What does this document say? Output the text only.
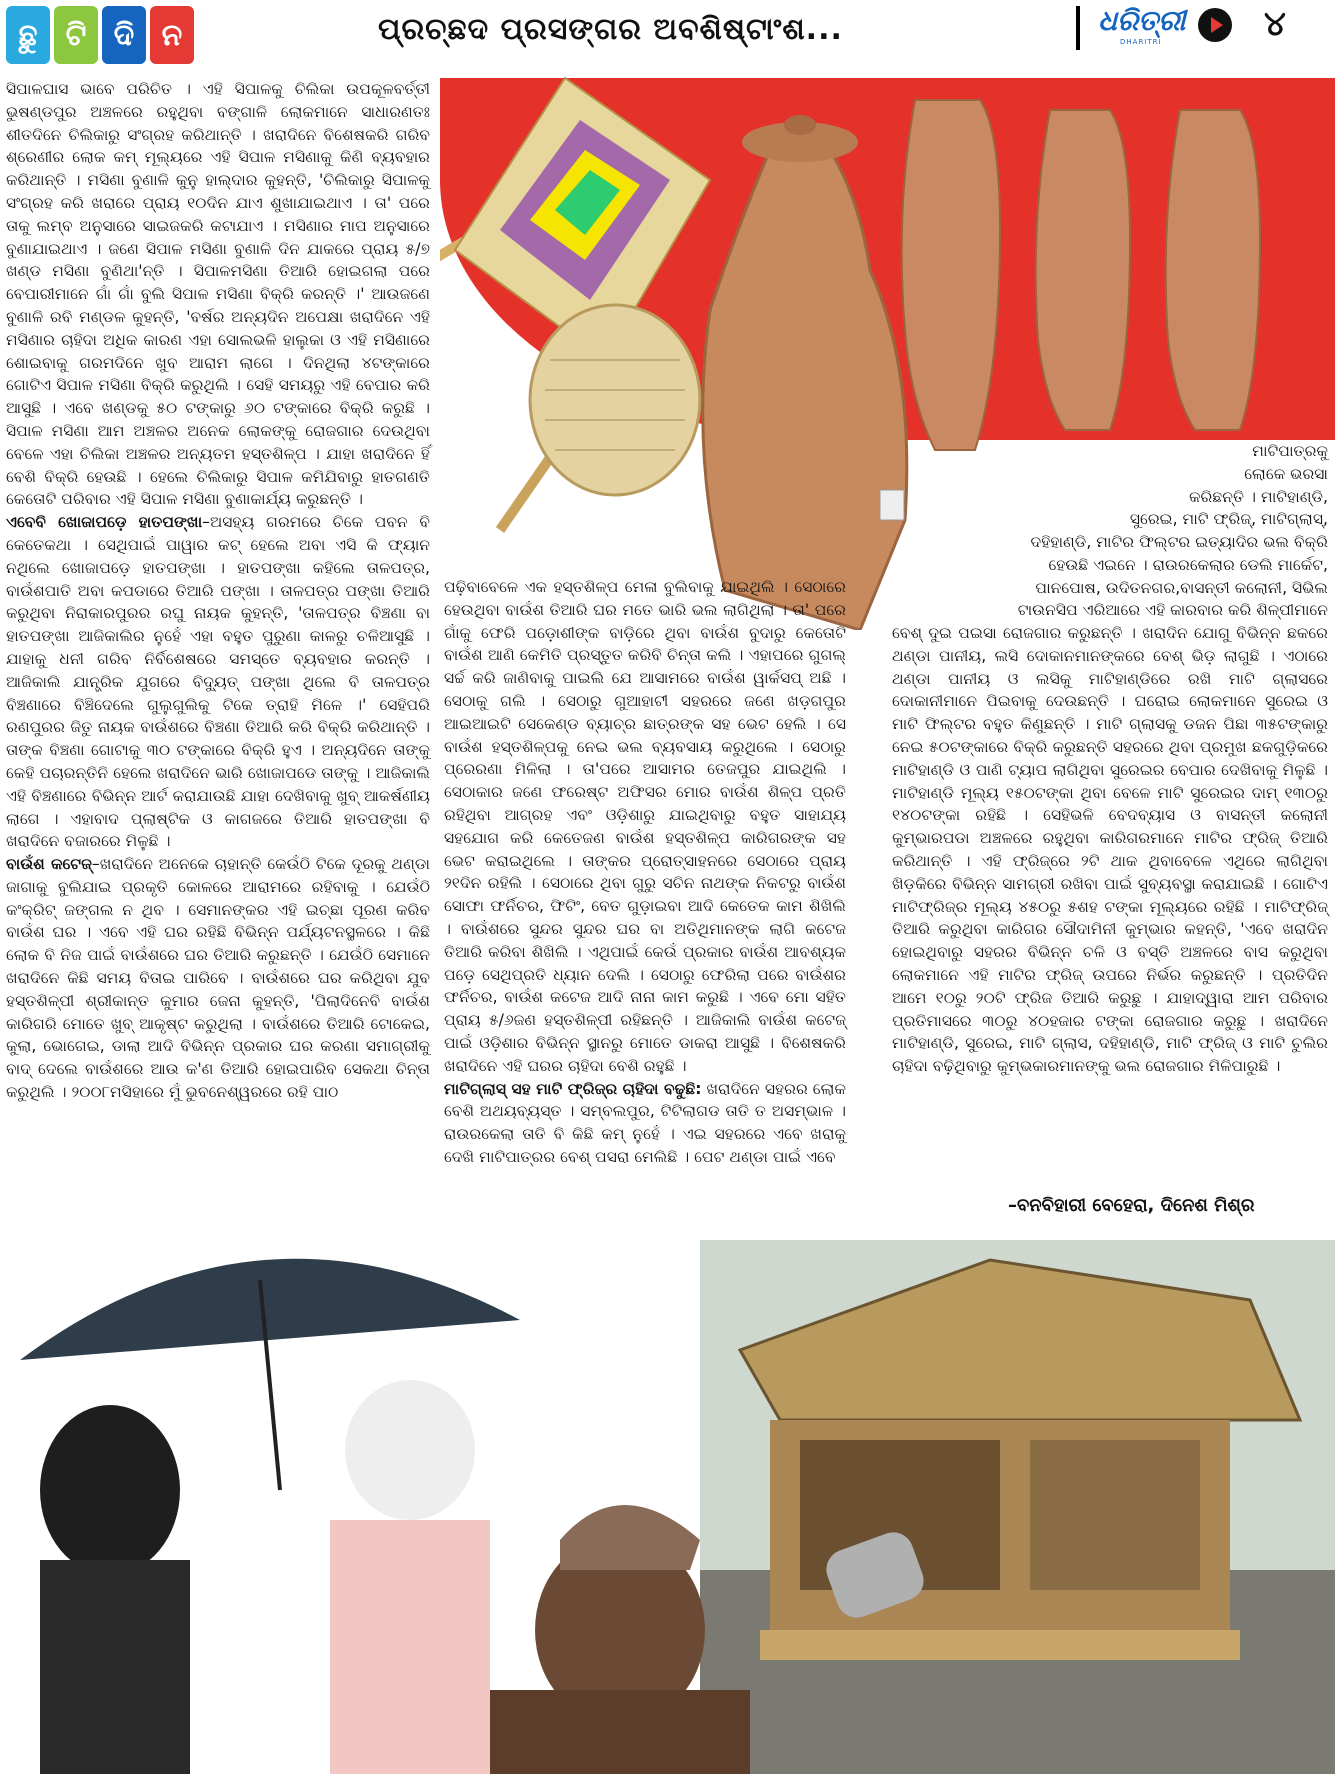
ଛୁ ଟି ଦି ନ	ପ୍ରଚ୍ଛଦ ପ୍ରସଙ୍ଗର ଅବଶିଷ୍ଟାଂଶ...	ଧରିତ୍ରୀ
DHARITRI	୪

ସିପାଳଘାସ ଭାବେ ପରିଚିତ । ଏହି ସିପାଳକୁ ଚିଲିକା ଉପକୂଳବର୍ତ୍ତୀ ଭୁଷଣ୍ଡପୁର ଅଞ୍ଚଳରେ ରହୁଥିବା ବଙ୍ଗାଳି ଲୋକମାନେ ସାଧାରଣତଃ ଶୀତଦିନେ ଚିଲିକାରୁ ସଂଗ୍ରହ କରିଥାନ୍ତି । ଖରାଦିନେ ବିଶେଷକରି ଗରିବ ଶ୍ରେଣୀର ଲୋକ କମ୍ ମୂଲ୍ୟରେ ଏହି ସିପାଳ ମସିଣାକୁ କିଣି ବ୍ୟବହାର କରିଥାନ୍ତି । ମସିଣା ବୁଣାଳି କୁନୁ ହାଲ୍ଦାର କୁହନ୍ତି, 'ଚିଲିକାରୁ ସିପାଳକୁ ସଂଗ୍ରହ କରି ଖରାରେ ପ୍ରାୟ ୧୦ଦିନ ଯାଏ ଶୁଖାଯାଇଥାଏ । ତା' ପରେ ତାକୁ ଲମ୍ବ ଅନୁସାରେ ସାଇଜକରି କଟାଯାଏ । ମସିଣାର ମାପ ଅନୁସାରେ ବୁଣାଯାଇଥାଏ । ଜଣେ ସିପାଳ ମସିଣା ବୁଣାଳି ଦିନ ଯାକରେ ପ୍ରାୟ ୫/୭ ଖଣ୍ଡ ମସିଣା ବୁଣିଥା'ନ୍ତି । ସିପାଳମସିଣା ତିଆରି ହୋଇଗଲା ପରେ ବେପାରୀମାନେ ଗାଁ ଗାଁ ବୁଲି ସିପାଳ ମସିଣା ବିକ୍ରି କରନ୍ତି ।' ଆଉଜଣେ ବୁଣାଳି ରବି ମଣ୍ଡଳ କୁହନ୍ତି, 'ବର୍ଷର ଅନ୍ୟଦିନ ଅପେକ୍ଷା ଖରାଦିନେ ଏହି ମସିଣାର ଚାହିଦା ଅଧିକ କାରଣ ଏହା ସୋଲଭଳି ହାଲୁକା ଓ ଏହି ମସିଣାରେ ଶୋଇବାକୁ ଗରମଦିନେ ଖୁବ ଆରାମ ଲାଗେ । ଦିନଥିଲା ୪ଟଙ୍କାରେ ଗୋଟିଏ ସିପାଳ ମସିଣା ବିକ୍ରି କରୁଥିଲି । ସେହି ସମୟରୁ ଏହି ବେପାର କରି ଆସୁଛି । ଏବେ ଖଣ୍ଡକୁ ୫୦ ଟଙ୍କାରୁ ୬୦ ଟଙ୍କାରେ ବିକ୍ରି କରୁଛି । ସିପାଳ ମସିଣା ଆମ ଅଞ୍ଚଳର ଅନେକ ଲୋକଙ୍କୁ ରୋଜଗାର ଦେଉଥିବା ବେଳେ ଏହା ଚିଲିକା ଅଞ୍ଚଳର ଅନ୍ୟତମ ହସ୍ତଶିଳ୍ପ । ଯାହା ଖରାଦିନେ ହିଁ ବେଶି ବିକ୍ରି ହେଉଛି । ହେଲେ ଚିଲିକାରୁ ସିପାଳ କମିଯିବାରୁ ହାତଗଣତି କେତୋଟି ପରିବାର ଏହି ସିପାଳ ମସିଣା ବୁଣାକାର୍ଯ୍ୟ କରୁଛନ୍ତି ।

ଏବେବି ଖୋଜାପଡ଼େ ହାତପଙ୍ଖା–ଅସହ୍ୟ ଗରମରେ ଚିକେ ପବନ ବି କେତେକଥା । ସେଥିପାଇଁ ପାୱାର କଟ୍ ହେଲେ ଅବା ଏସି କି ଫ୍ୟାନ ନଥିଲେ ଖୋଜାପଡ଼େ ହାତପଙ୍ଖା । ହାତପଙ୍ଖା କହିଲେ ତାଳପତ୍ର, ବାଉଁଶପାତି ଅବା କପଡାରେ ତିଆରି ପଙ୍ଖା । ତାଳପତ୍ର ପଙ୍ଖା ତିଆରି କରୁଥିବା ନିରାକାରପୁରର ରଘୁ ନାୟକ କୁହନ୍ତି, 'ତାଳପତ୍ର ବିଞ୍ଚଣା ବା ହାତପଙ୍ଖା ଆଜିକାଲିର ନୁହେଁ ଏହା ବହୁତ ପୁରୁଣା କାଳରୁ ଚଳିଆସୁଛି । ଯାହାକୁ ଧନୀ ଗରିବ ନିର୍ବିଶେଷରେ ସମସ୍ତେ ବ୍ୟବହାର କରନ୍ତି । ଆଜିକାଲି ଯାନ୍ତ୍ରିକ ଯୁଗରେ ବିଦ୍ୟୁତ୍ ପଙ୍ଖା ଥିଲେ ବି ତାଳପତ୍ର ବିଞ୍ଚଣାରେ ବିଞ୍ଚିଦେଲେ ଗୁଲୁଗୁଲିକୁ ଟିକେ ତ୍ରାହି ମିଳେ ।' ସେହିପରି ରଣପୁରର ଜିତୁ ନାୟକ ବାଉଁଶରେ ବିଞ୍ଚଣା ତିଆରି କରି ବିକ୍ରି କରିଥାନ୍ତି । ତାଙ୍କ ବିଞ୍ଚଣା ଗୋଟାକୁ ୩୦ ଟଙ୍କାରେ ବିକ୍ରି ହୁଏ । ଅନ୍ୟଦିନେ ତାଙ୍କୁ କେହି ପଚାରନ୍ତିନି ହେଲେ ଖରାଦିନେ ଭାରି ଖୋଜାପଡେ ତାଙ୍କୁ । ଆଜିକାଲି ଏହି ବିଞ୍ଚଣାରେ ବିଭିନ୍ନ ଆର୍ଟ କରାଯାଉଛି ଯାହା ଦେଖିବାକୁ ଖୁବ୍ ଆକର୍ଷଣୀୟ ଲାଗେ । ଏହାବାଦ ପ୍ଲାଷ୍ଟିକ ଓ କାଗଜରେ ତିଆରି ହାତପଙ୍ଖା ବି ଖରାଦିନେ ବଜାରରେ ମିଳୁଛି ।

ବାଉଁଶ କଟେଜ୍–ଖରାଦିନେ ଅନେକେ ଚାହାନ୍ତି କେଉଁଠି ଟିକେ ଦୂରକୁ ଥଣ୍ଡା ଜାଗାକୁ ବୁଲିଯାଇ ପ୍ରକୃତି କୋଳରେ ଆରାମରେ ରହିବାକୁ । ଯେଉଁଠି କଂକ୍ରିଟ୍ ଜଙ୍ଗଲ ନ ଥିବ । ସେମାନଙ୍କର ଏହି ଇଚ୍ଛା ପୂରଣ କରିବ ବାଉଁଶ ଘର । ଏବେ ଏହି ଘର ରହିଛି ବିଭିନ୍ନ ପର୍ଯ୍ୟଟନସ୍ଥଳରେ । କିଛି ଲୋକ ବି ନିଜ ପାଇଁ ବାଉଁଶରେ ଘର ତିଆରି କରୁଛନ୍ତି । ଯେଉଁଠି ସେମାନେ ଖରାଦିନେ କିଛି ସମୟ ବିତାଇ ପାରିବେ । ବାଉଁଶରେ ଘର କରିଥିବା ଯୁବ ହସ୍ତଶିଳ୍ପୀ ଶ୍ରୀକାନ୍ତ କୁମାର ଜେନା କୁହନ୍ତି, 'ପିଲାଦିନେବି ବାଉଁଶ କାରିଗରି ମୋତେ ଖୁବ୍ ଆକୃଷ୍ଟ କରୁଥିଲା । ବାଉଁଶରେ ତିଆରି ଟୋକେଇ, କୁଲା, ଭୋଗେଇ, ଡାଲା ଆଦି ବିଭିନ୍ନ ପ୍ରକାର ଘର କରଣା ସମାଗ୍ରୀକୁ ବାଦ୍ ଦେଲେ ବାଉଁଶରେ ଆଉ କ'ଣ ତିଆରି ହୋଇପାରିବ ସେକଥା ଚିନ୍ତା କରୁଥିଲି । ୨୦୦୮ମସିହାରେ ମୁଁ ଭୁବନେଶ୍ୱରରେ ରହି ପାଠ

ପଢ଼ିବାବେଳେ ଏକ ହସ୍ତଶିଳ୍ପ ମେଳା ବୁଲିବାକୁ ଯାଇଥିଲି । ସେଠାରେ ହେଉଥିବା ବାଉଁଶ ତିଆରି ଘର ମତେ ଭାରି ଭଲ ଲାଗିଥିଲା । ତା' ପରେ ଗାଁକୁ ଫେରି ପଡ଼ୋଶୀଙ୍କ ବାଡ଼ିରେ ଥିବା ବାଉଁଶ ବୁଦାରୁ କେତୋଟି ବାଉଁଶ ଆଣି କେମିତି ପ୍ରସ୍ତୁତ କରିବି ଚିନ୍ତା କଲି । ଏହାପରେ ଗୁଗଲ୍ ସର୍ଚ୍ଚ କରି ଜାଣିବାକୁ ପାଇଲି ଯେ ଆସାମରେ ବାଉଁଶ ୱାର୍କସପ୍ ଅଛି । ସେଠାକୁ ଗଲି । ସେଠାରୁ ଗୁଆହାଟୀ ସହରରେ ଜଣେ ଖଡ଼ଗପୁର ଆଇଆଇଟି ସେକେଣ୍ଡ ବ୍ୟାଚ୍‌ର ଛାତ୍ରଙ୍କ ସହ ଭେଟ ହେଲି । ସେ ବାଉଁଶ ହସ୍ତଶିଳ୍ପକୁ ନେଇ ଭଲ ବ୍ୟବସାୟ କରୁଥିଲେ । ସେଠାରୁ ପ୍ରେରଣା ମିଳିଲା । ତା'ପରେ ଆସାମର ତେଜପୁର ଯାଇଥିଲି । ସେଠାକାର ଜଣେ ଫରେଷ୍ଟ ଅଫିସର ମୋର ବାଉଁଶ ଶିଳ୍ପ ପ୍ରତି ରହିଥିବା ଆଗ୍ରହ ଏବଂ ଓଡ଼ିଶାରୁ ଯାଇଥିବାରୁ ବହୁତ ସାହାଯ୍ୟ ସହଯୋଗ କରି କେତେଜଣ ବାଉଁଶ ହସ୍ତଶିଳ୍ପ କାରିଗରଙ୍କ ସହ ଭେଟ କରାଇଥିଲେ । ତାଙ୍କର ପ୍ରୋତ୍ସାହନରେ ସେଠାରେ ପ୍ରାୟ ୨୧ଦିନ ରହିଲି । ସେଠାରେ ଥିବା ଗୁରୁ ସଚିନ ନାଥଙ୍କ ନିକଟରୁ ବାଉଁଶ ସୋଫା ଫର୍ନିଚର, ଫିଟିଂ, ବେତ ଗୁଡ଼ାଇବା ଆଦି କେତେକ କାମ ଶିଖିଲି । ବାଉଁଶରେ ସୁନ୍ଦର ସୁନ୍ଦର ଘର ବା ଅତିଥିମାନଙ୍କ ଲାଗି କଟେଜ ତିଆରି କରିବା ଶିଖିଲି । ଏଥିପାଇଁ କେଉଁ ପ୍ରକାର ବାଉଁଶ ଆବଶ୍ୟକ ପଡ଼େ ସେଥିପ୍ରତି ଧ୍ୟାନ ଦେଲି । ସେଠାରୁ ଫେରିଲା ପରେ ବାଉଁଶର ଫର୍ନିଚର, ବାଉଁଶ କଟେଜ ଆଦି ନାନା କାମ କରୁଛି । ଏବେ ମୋ ସହିତ ପ୍ରାୟ ୫/୬ଜଣ ହସ୍ତଶିଳ୍ପୀ ରହିଛନ୍ତି । ଆଜିକାଲି ବାଉଁଶ କଟେଜ୍ ପାଇଁ ଓଡ଼ିଶାର ବିଭିନ୍ନ ସ୍ଥାନରୁ ମୋତେ ଡାକରା ଆସୁଛି । ବିଶେଷକରି ଖରାଦିନେ ଏହି ଘରର ଚାହିଦା ବେଶି ରହୁଛି ।

ମାଟିଗ୍ଲାସ୍ ସହ ମାଟି ଫ୍ରିଜ୍‌ର ଚାହିଦା ବଢୁଛି: ଖରାଦିନେ ସହରର ଲୋକ ବେଶି ଅଥୟବ୍ୟସ୍ତ । ସମ୍ବଲପୁର, ଟିଟିଲାଗଡ ତାତି ତ ଅସମ୍ଭାଳ । ରାଉରକେଲା ତାତି ବି କିଛି କମ୍ ନୁହେଁ । ଏଇ ସହରରେ ଏବେ ଖରାକୁ ଦେଖି ମାଟିପାତ୍ରର ବେଶ୍ ପସରା ମେଲିଛି । ପେଟ ଥଣ୍ଡା ପାଇଁ ଏବେ

ମାଟିପାତ୍ରକୁ
ଲୋକେ ଭରସା
କରିଛନ୍ତି । ମାଟିହାଣ୍ଡି,
ସୁରେଇ, ମାଟି ଫ୍ରିଜ୍, ମାଟିଗ୍ଲାସ୍,
ଦହିହାଣ୍ଡି, ମାଟିର ଫିଲ୍‌ଟର ଇତ୍ୟାଦିର ଭଲ ବିକ୍ରି
ହେଉଛି ଏଇନେ । ରାଉରକେଲାର ଡେଲି ମାର୍କେଟ,
ପାନପୋଷ, ଉଦିତନଗର,ବାସନ୍ତୀ କଲୋନୀ, ସିଭିଲ
ଟାଉନସିପ ଏରିଆରେ ଏହି କାରବାର କରି ଶିଳ୍ପୀମାନେ

ବେଶ୍ ଦୁଇ ପଇସା ରୋଜଗାର କରୁଛନ୍ତି । ଖରାଦିନ ଯୋଗୁ ବିଭିନ୍ନ ଛକରେ ଥଣ୍ଡା ପାନୀୟ, ଲସି ଦୋକାନମାନଙ୍କରେ ବେଶ୍ ଭିଡ଼ ଲାଗୁଛି । ଏଠାରେ ଥଣ୍ଡା ପାନୀୟ ଓ ଲସିକୁ ମାଟିହାଣ୍ଡିରେ ରଖି ମାଟି ଗ୍ଲାସରେ ଦୋକାନୀମାନେ ପିଇବାକୁ ଦେଉଛନ୍ତି । ଘରୋଇ ଲୋକମାନେ ସୁରେଇ ଓ ମାଟି ଫିଲ୍ଟର ବହୁତ କିଣୁଛନ୍ତି । ମାଟି ଗ୍ଲାସକୁ ଡଜନ ପିଛା ୩୫ଟଙ୍କାରୁ ନେଇ ୫୦ଟଙ୍କାରେ ବିକ୍ରି କରୁଛନ୍ତି ସହରରେ ଥିବା ପ୍ରମୁଖ ଛକଗୁଡ଼ିକରେ ମାଟିହାଣ୍ଡି ଓ ପାଣି ଟ୍ୟାପ ଲାଗିଥିବା ସୁରେଇର ବେପାର ଦେଖିବାକୁ ମିଳୁଛି । ମାଟିହାଣ୍ଡି ମୂଲ୍ୟ ୧୫୦ଟଙ୍କା ଥିବା ବେଳେ ମାଟି ସୁରେଇର ଦାମ୍ ୧୩୦ରୁ ୧୪୦ଟଙ୍କା ରହିଛି । ସେହିଭଳି ବେଦବ୍ୟାସ ଓ ବାସନ୍ତୀ କଲୋନୀ କୁମ୍ଭାରପଡା ଅଞ୍ଚଳରେ ରହୁଥିବା କାରିଗରମାନେ ମାଟିର ଫ୍ରିଜ୍ ତିଆରି କରିଥାନ୍ତି । ଏହି ଫ୍ରିଜ୍‌ରେ ୨ଟି ଥାକ ଥିବାବେଳେ ଏଥିରେ ଲାଗିଥିବା ଖିଡ଼କିରେ ବିଭିନ୍ନ ସାମଗ୍ରୀ ରଖିବା ପାଇଁ ସୁବ୍ୟବସ୍ଥା କରାଯାଇଛି । ଗୋଟିଏ ମାଟିଫ୍ରିଜ୍‌ର ମୂଲ୍ୟ ୪୫୦ରୁ ୫ଶହ ଟଙ୍କା ମୂଲ୍ୟରେ ରହିଛି । ମାଟିଫ୍ରିଜ୍ ତିଆରି କରୁଥିବା କାରିଗର ସୌଦାମିନୀ କୁମ୍ଭାର କହନ୍ତି, 'ଏବେ ଖରାଦିନ ହୋଇଥିବାରୁ ସହରର ବିଭିନ୍ନ ଚଳି ଓ ବସ୍ତି ଅଞ୍ଚଳରେ ବାସ କରୁଥିବା ଲୋକମାନେ ଏହି ମାଟିର ଫ୍ରିଜ୍ ଉପରେ ନିର୍ଭର କରୁଛନ୍ତି । ପ୍ରତିଦିନ ଆମେ ୧୦ରୁ ୨୦ଟି ଫ୍ରିଜ ତିଆରି କରୁଛୁ । ଯାହାଦ୍ୱାରା ଆମ ପରିବାର ପ୍ରତିମାସରେ ୩୦ରୁ ୪୦ହଜାର ଟଙ୍କା ରୋଜଗାର କରୁଛୁ । ଖରାଦିନେ ମାଟିହାଣ୍ଡି, ସୁରେଇ, ମାଟି ଗ୍ଲାସ, ଦହିହାଣ୍ଡି, ମାଟି ଫ୍ରିଜ୍ ଓ ମାଟି ଚୁଲିର ଚାହିଦା ବଢ଼ିଥିବାରୁ କୁମ୍ଭକାରମାନଙ୍କୁ ଭଲ ରୋଜଗାର ମିଳିପାରୁଛି ।

–ବନବିହାରୀ ବେହେରା, ଦିନେଶ ମିଶ୍ର
